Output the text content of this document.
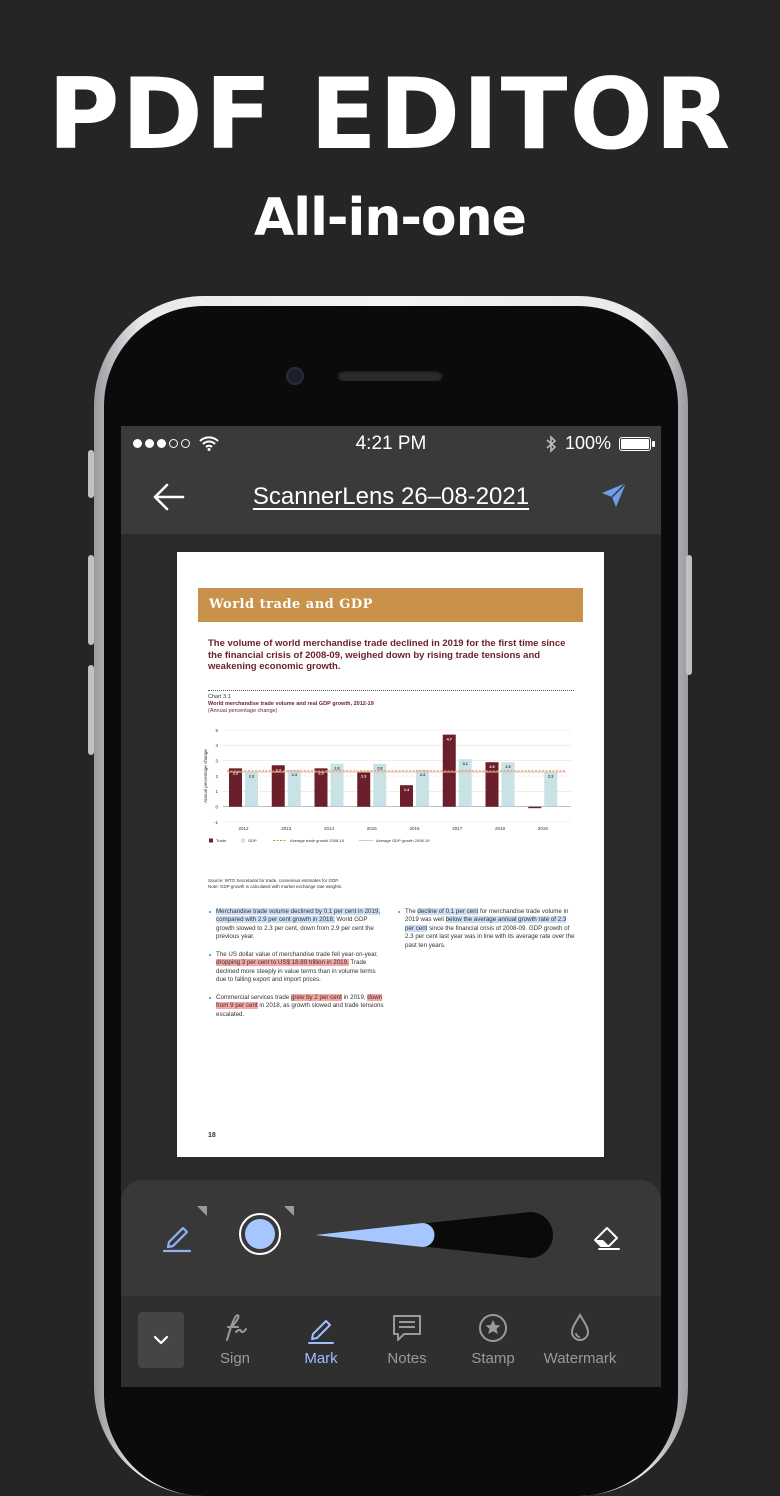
PDF EDITOR
All-in-one
4:21 PM	100%
ScannerLens 26–08-2021
World trade and GDP
The volume of world merchandise trade declined in 2019 for the first time since the financial crisis of 2008-09, weighed down by rising trade tensions and weakening economic growth.
Chart 3.1
World merchandise trade volume and real GDP growth, 2012-19
(Annual percentage change)
5
4
3
2
1
0
-1
Annual percentage change	2.5
2.3
2012
2.7
2.4
2013
2.5
2.8
2014
2.3
2.8
2015
1.4
2.4
2016
4.7
3.1
2017
2.9	2.9
2018
-0.1
2.3
2019
Trade	GDP	Average trade growth 2008-19	Average GDP growth 2008-19
Source: WTO Secretariat for trade, consensus estimates for GDP.
Note: GDP growth is calculated with market exchange rate weights.
Merchandise trade volume declined by 0.1 per cent in 2019, compared with 2.9 per cent growth in 2018. World GDP growth slowed to 2.3 per cent, down from 2.9 per cent the previous year.
The US dollar value of merchandise trade fell year-on-year, dropping 3 per cent to US$ 18.89 trillion in 2019. Trade declined more steeply in value terms than in volume terms due to falling export and import prices.
Commercial services trade grew by 2 per cent in 2019, down from 9 per cent in 2018, as growth slowed and trade tensions escalated.
The decline of 0.1 per cent for merchandise trade volume in 2019 was well below the average annual growth rate of 2.3 per cent since the financial crisis of 2008-09. GDP growth of 2.3 per cent last year was in line with its average rate over the past ten years.
18
Sign	Mark	Notes	Stamp	Watermark
